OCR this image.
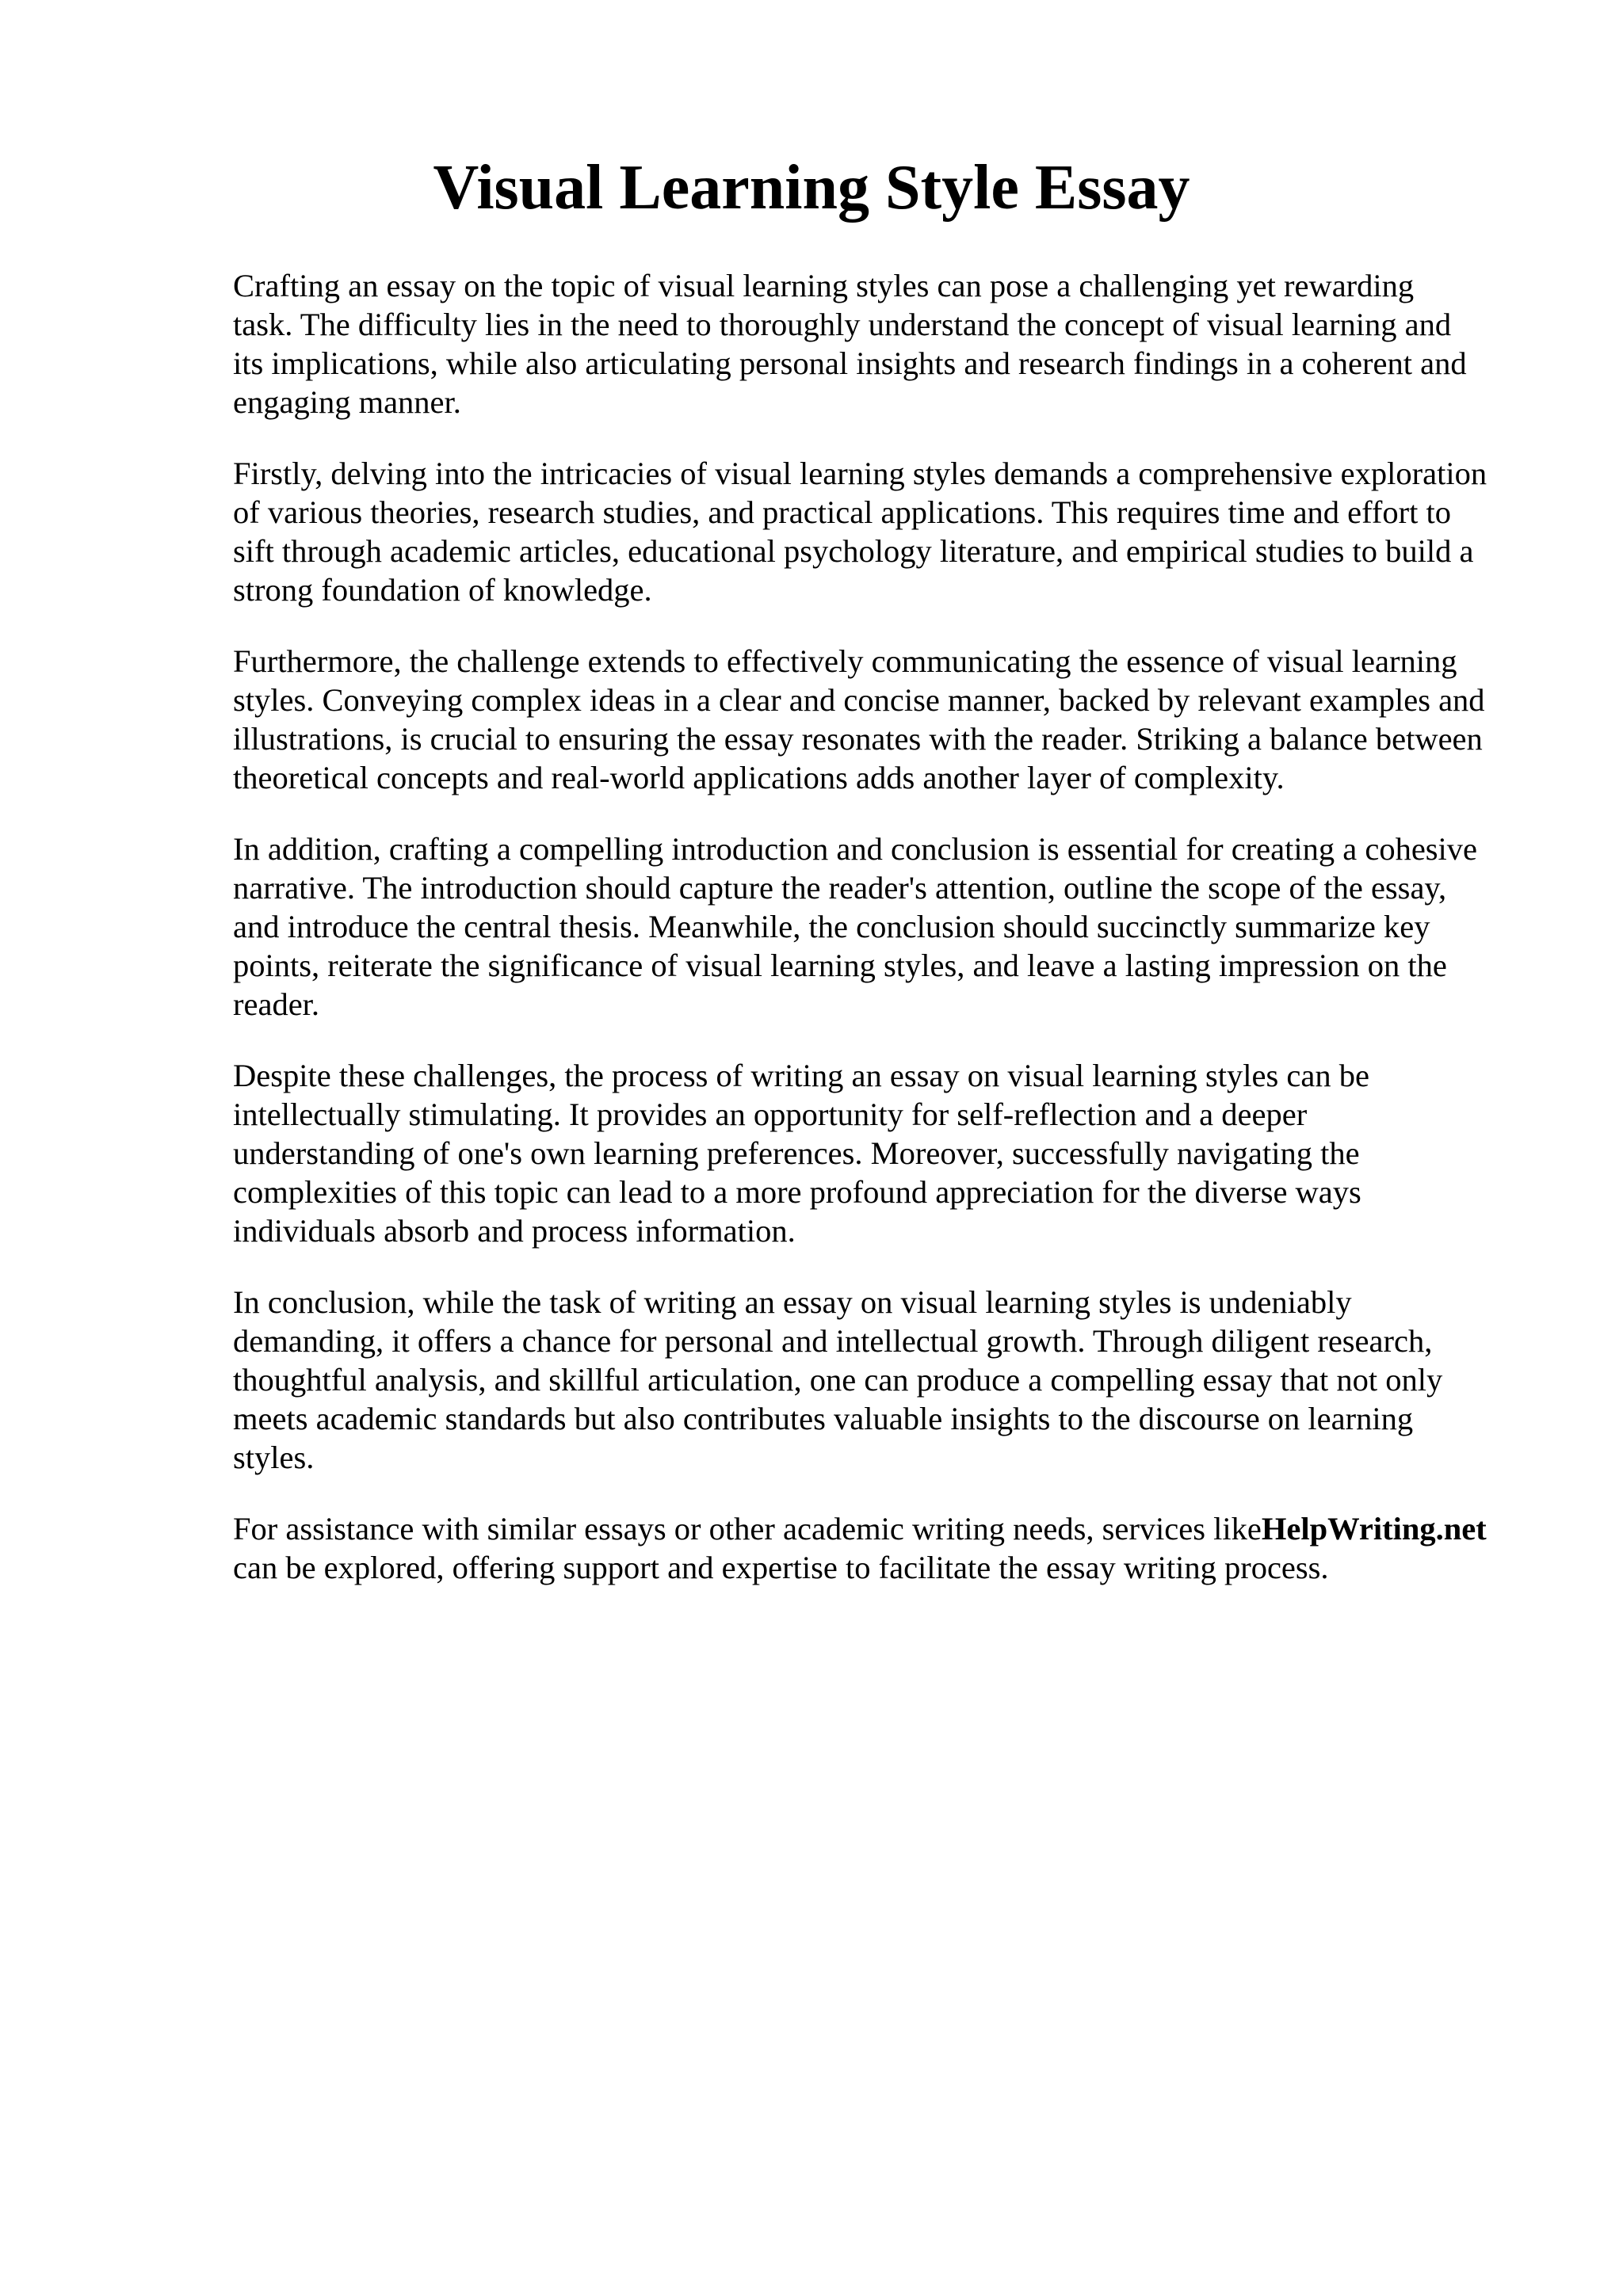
Visual Learning Style Essay

Crafting an essay on the topic of visual learning styles can pose a challenging yet rewarding
task. The difficulty lies in the need to thoroughly understand the concept of visual learning and
its implications, while also articulating personal insights and research findings in a coherent and
engaging manner.

Firstly, delving into the intricacies of visual learning styles demands a comprehensive exploration
of various theories, research studies, and practical applications. This requires time and effort to
sift through academic articles, educational psychology literature, and empirical studies to build a
strong foundation of knowledge.

Furthermore, the challenge extends to effectively communicating the essence of visual learning
styles. Conveying complex ideas in a clear and concise manner, backed by relevant examples and
illustrations, is crucial to ensuring the essay resonates with the reader. Striking a balance between
theoretical concepts and real-world applications adds another layer of complexity.

In addition, crafting a compelling introduction and conclusion is essential for creating a cohesive
narrative. The introduction should capture the reader's attention, outline the scope of the essay,
and introduce the central thesis. Meanwhile, the conclusion should succinctly summarize key
points, reiterate the significance of visual learning styles, and leave a lasting impression on the
reader.

Despite these challenges, the process of writing an essay on visual learning styles can be
intellectually stimulating. It provides an opportunity for self-reflection and a deeper
understanding of one's own learning preferences. Moreover, successfully navigating the
complexities of this topic can lead to a more profound appreciation for the diverse ways
individuals absorb and process information.

In conclusion, while the task of writing an essay on visual learning styles is undeniably
demanding, it offers a chance for personal and intellectual growth. Through diligent research,
thoughtful analysis, and skillful articulation, one can produce a compelling essay that not only
meets academic standards but also contributes valuable insights to the discourse on learning
styles.

For assistance with similar essays or other academic writing needs, services likeHelpWriting.net
can be explored, offering support and expertise to facilitate the essay writing process.
